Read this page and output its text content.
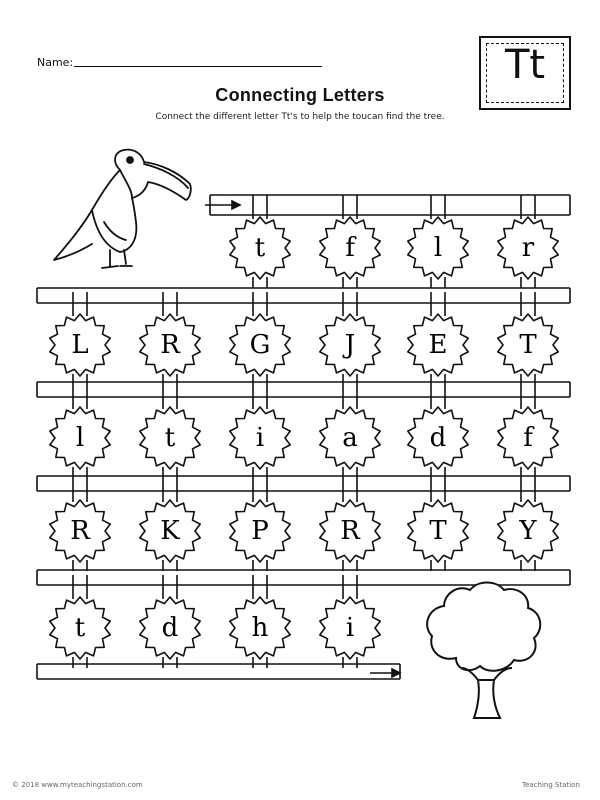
Name:
Connecting Letters
Connect the different letter Tt's to help the toucan find the tree.
Tt
t	f	l	r
L	R	G	J	E	T
l	t	i	a	d	f
R	K	P	R	T	Y
t	d	h	i
© 2018 www.myteachingstation.com	Teaching Station
